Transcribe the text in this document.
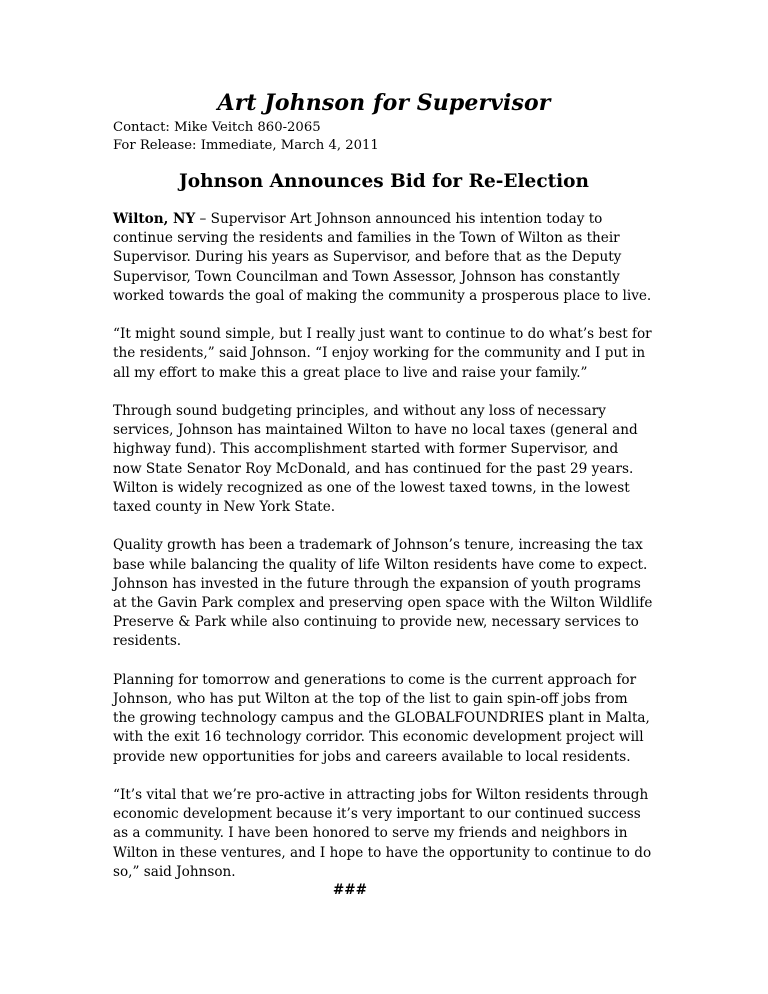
Art Johnson for Supervisor
Contact: Mike Veitch 860-2065
For Release: Immediate, March 4, 2011
Johnson Announces Bid for Re-Election

Wilton, NY – Supervisor Art Johnson announced his intention today to
continue serving the residents and families in the Town of Wilton as their
Supervisor. During his years as Supervisor, and before that as the Deputy
Supervisor, Town Councilman and Town Assessor, Johnson has constantly
worked towards the goal of making the community a prosperous place to live.

“It might sound simple, but I really just want to continue to do what’s best for
the residents,” said Johnson. “I enjoy working for the community and I put in
all my effort to make this a great place to live and raise your family.”

Through sound budgeting principles, and without any loss of necessary
services, Johnson has maintained Wilton to have no local taxes (general and
highway fund). This accomplishment started with former Supervisor, and
now State Senator Roy McDonald, and has continued for the past 29 years.
Wilton is widely recognized as one of the lowest taxed towns, in the lowest
taxed county in New York State.

Quality growth has been a trademark of Johnson’s tenure, increasing the tax
base while balancing the quality of life Wilton residents have come to expect.
Johnson has invested in the future through the expansion of youth programs
at the Gavin Park complex and preserving open space with the Wilton Wildlife
Preserve & Park while also continuing to provide new, necessary services to
residents.

Planning for tomorrow and generations to come is the current approach for
Johnson, who has put Wilton at the top of the list to gain spin-off jobs from
the growing technology campus and the GLOBALFOUNDRIES plant in Malta,
with the exit 16 technology corridor. This economic development project will
provide new opportunities for jobs and careers available to local residents.

“It’s vital that we’re pro-active in attracting jobs for Wilton residents through
economic development because it’s very important to our continued success
as a community. I have been honored to serve my friends and neighbors in
Wilton in these ventures, and I hope to have the opportunity to continue to do
so,” said Johnson.

###
